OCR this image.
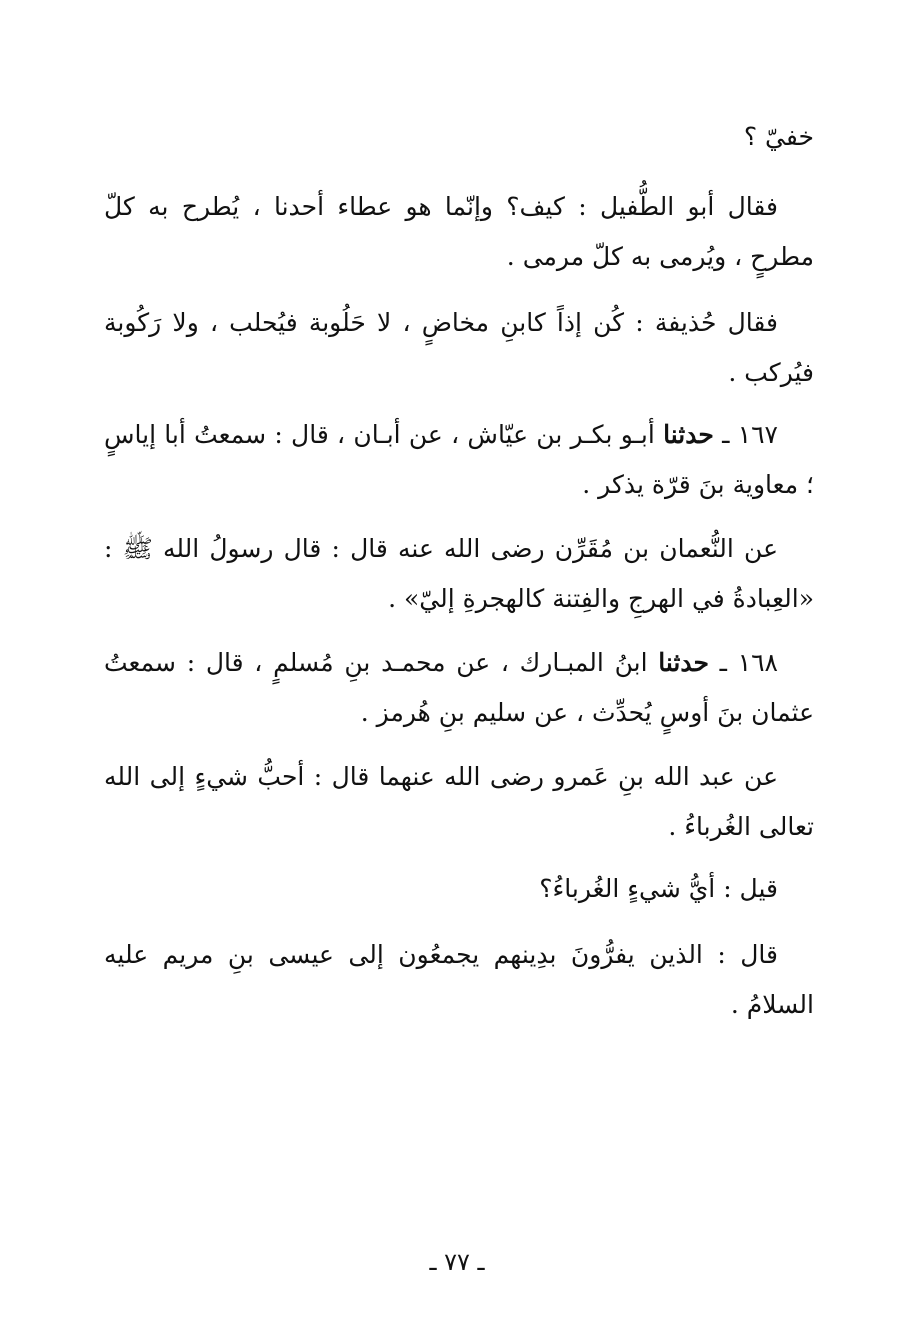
خفيّ ؟
فقال أبو الطُّفيل : كيف؟ وإنّما هو عطاء أحدنا ، يُطرح به كلّ مطرحٍ ، ويُرمى به كلّ مرمى .
فقال حُذيفة : كُن إذاً كابنِ مخاضٍ ، لا حَلُوبة فيُحلب ، ولا رَكُوبة فيُركب .
١٦٧ ـ حدثنا أبـو بكـر بن عيّاش ، عن أبـان ، قال : سمعتُ أبا إياسٍ ؛ معاوية بنَ قرّة يذكر .
عن النُّعمان بن مُقَرِّن رضى الله عنه قال : قال رسولُ الله ﷺ : «العِبادةُ في الهرجِ والفِتنة كالهجرةِ إليّ» .
١٦٨ ـ حدثنا ابنُ المبـارك ، عن محمـد بنِ مُسلمٍ ، قال : سمعتُ عثمان بنَ أوسٍ يُحدِّث ، عن سليم بنِ هُرمز .
عن عبد الله بنِ عَمرو رضى الله عنهما قال : أحبُّ شيءٍ إلى الله تعالى الغُرباءُ .
قيل : أيُّ شيءٍ الغُرباءُ؟
قال : الذين يفرُّونَ بدِينهم يجمعُون إلى عيسى بنِ مريم عليه السلامُ .
ـ ٧٧ ـ
